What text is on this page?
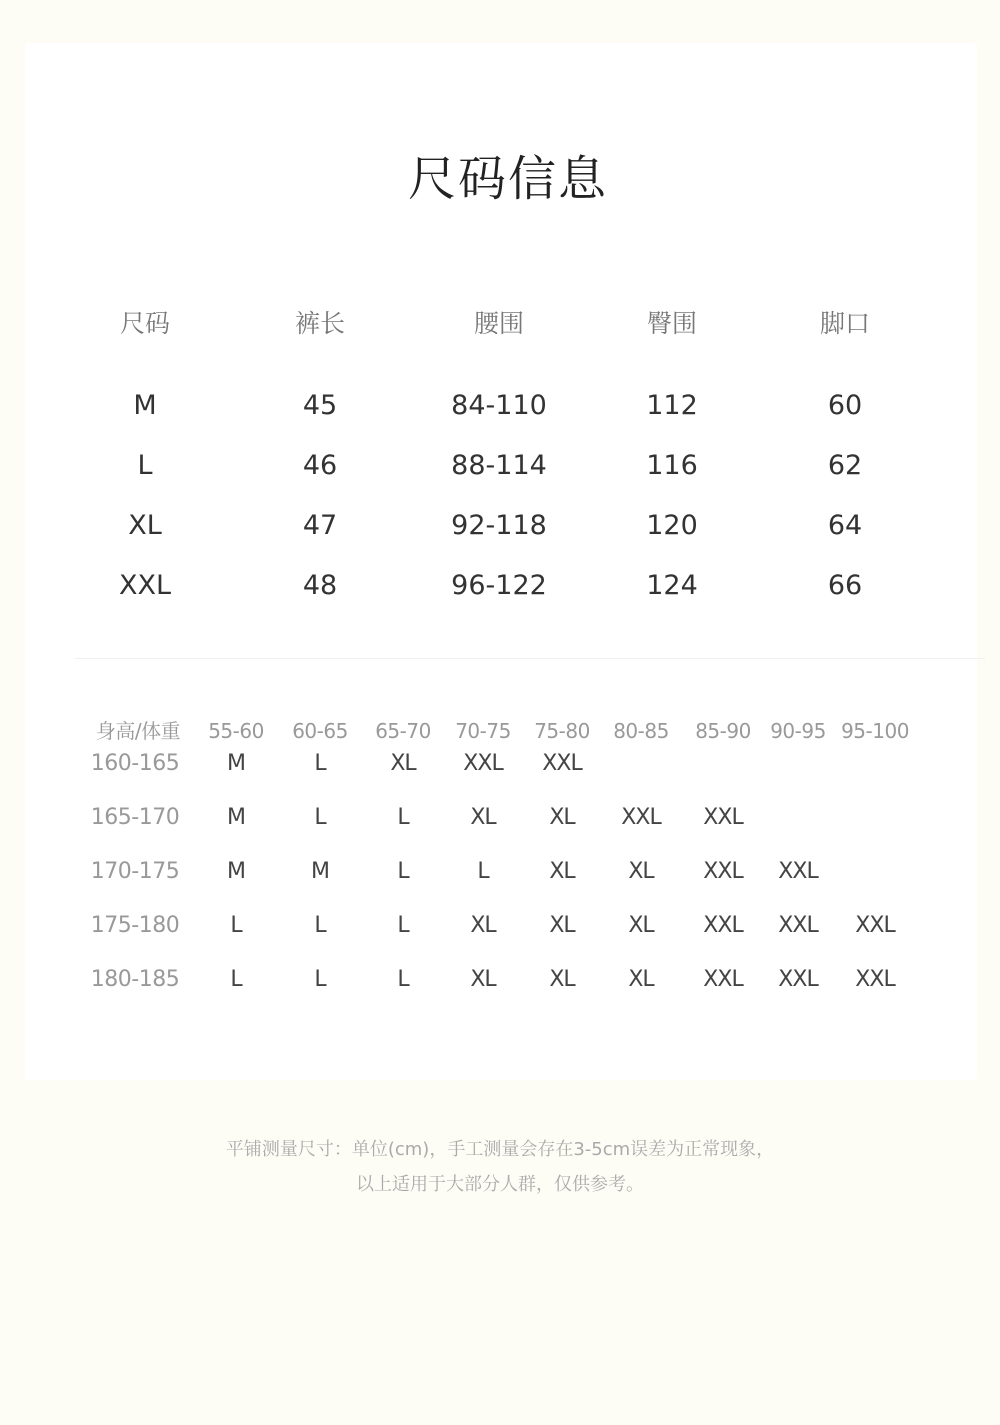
尺码信息
尺码	裤长	腰围	臀围	脚口
M	45	84-110	112	60
L	46	88-114	116	62
XL	47	92-118	120	64
XXL	48	96-122	124	66
身高/体重 55-60 60-65 65-70 70-75 75-80 80-85 85-90 90-95 95-100
160-165 M	L	XL XXL XXL
165-170 M	L	L	XL XL XXL XXL
170-175 M	M	L	L	XL XL XXL XXL
175-180 L	L	L	XL XL XL XXL XXL XXL
180-185 L	L	L	XL XL XL XXL XXL XXL
平铺测量尺寸：单位(cm)，手工测量会存在3-5cm误差为正常现象，
以上适用于大部分人群，仅供参考。
